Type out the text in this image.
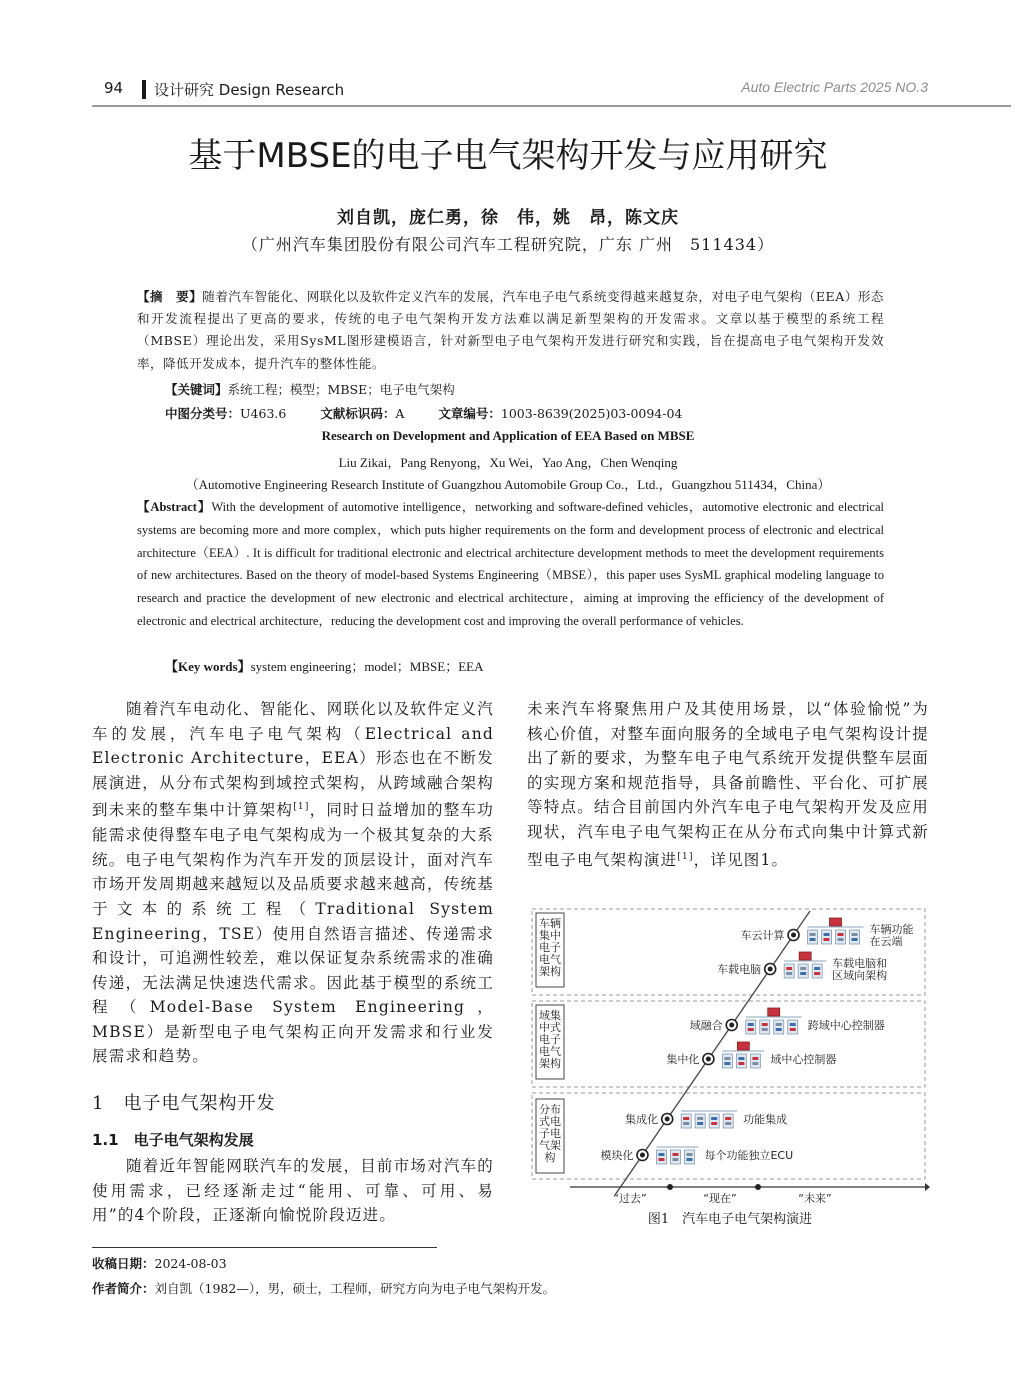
94 设计研究 Design Research	Auto Electric Parts 2025 NO.3
基于MBSE的电子电气架构开发与应用研究
刘自凯，庞仁勇，徐　伟，姚　昂，陈文庆
（广州汽车集团股份有限公司汽车工程研究院，广东 广州　511434）
【摘　要】随着汽车智能化、网联化以及软件定义汽车的发展，汽车电子电气系统变得越来越复杂，对电子电气架构（EEA）形态和开发流程提出了更高的要求，传统的电子电气架构开发方法难以满足新型架构的开发需求。文章以基于模型的系统工程（MBSE）理论出发，采用SysML图形建模语言，针对新型电子电气架构开发进行研究和实践，旨在提高电子电气架构开发效率，降低开发成本，提升汽车的整体性能。
【关键词】系统工程；模型；MBSE；电子电气架构
中图分类号：U463.6	文献标识码：A	文章编号：1003-8639(2025)03-0094-04
Research on Development and Application of EEA Based on MBSE
Liu Zikai，Pang Renyong，Xu Wei，Yao Ang，Chen Wenqing
（Automotive Engineering Research Institute of Guangzhou Automobile Group Co.，Ltd.，Guangzhou 511434，China）
【Abstract】With the development of automotive intelligence，networking and software-defined vehicles，automotive electronic and electrical systems are becoming more and more complex，which puts higher requirements on the form and development process of electronic and electrical architecture（EEA）. It is difficult for traditional electronic and electrical architecture development methods to meet the development requirements of new architectures. Based on the theory of model-based Systems Engineering（MBSE），this paper uses SysML graphical modeling language to research and practice the development of new electronic and electrical architecture，aiming at improving the efficiency of the development of electronic and electrical architecture，reducing the development cost and improving the overall performance of vehicles.
【Key words】system engineering；model；MBSE；EEA
随着汽车电动化、智能化、网联化以及软件定义汽车的发展，汽车电子电气架构（Electrical and Electronic Architecture，EEA）形态也在不断发展演进，从分布式架构到域控式架构，从跨域融合架构到未来的整车集中计算架构[1]，同时日益增加的整车功能需求使得整车电子电气架构成为一个极其复杂的大系统。电子电气架构作为汽车开发的顶层设计，面对汽车市场开发周期越来越短以及品质要求越来越高，传统基于文本的系统工程（Traditional System Engineering，TSE）使用自然语言描述、传递需求和设计，可追溯性较差，难以保证复杂系统需求的准确传递，无法满足快速迭代需求。因此基于模型的系统工程（Model-Base System Engineering，MBSE）是新型电子电气架构正向开发需求和行业发展需求和趋势。
未来汽车将聚焦用户及其使用场景，以“体验愉悦”为核心价值，对整车面向服务的全域电子电气架构设计提出了新的要求，为整车电子电气系统开发提供整车层面的实现方案和规范指导，具备前瞻性、平台化、可扩展等特点。结合目前国内外汽车电子电气架构开发及应用现状，汽车电子电气架构正在从分布式向集中计算式新型电子电气架构演进[1]，详见图1。
1　电子电气架构开发
1.1　电子电气架构发展
随着近年智能网联汽车的发展，目前市场对汽车的使用需求，已经逐渐走过“能用、可靠、可用、易用”的4个阶段，正逐渐向愉悦阶段迈进。
车辆集中电子电气架构
域集中式电子电气架构
分布式电子电气架构
“过去”	“现在”	“未来”
模块化	每个功能独立ECU
集成化	功能集成
集中化	域中心控制器
域融合	跨域中心控制器
车载电脑	车载电脑和区域向架构
车云计算	车辆功能在云端
图1　汽车电子电气架构演进
收稿日期：2024-08-03
作者简介：刘自凯（1982—），男，硕士，工程师，研究方向为电子电气架构开发。
